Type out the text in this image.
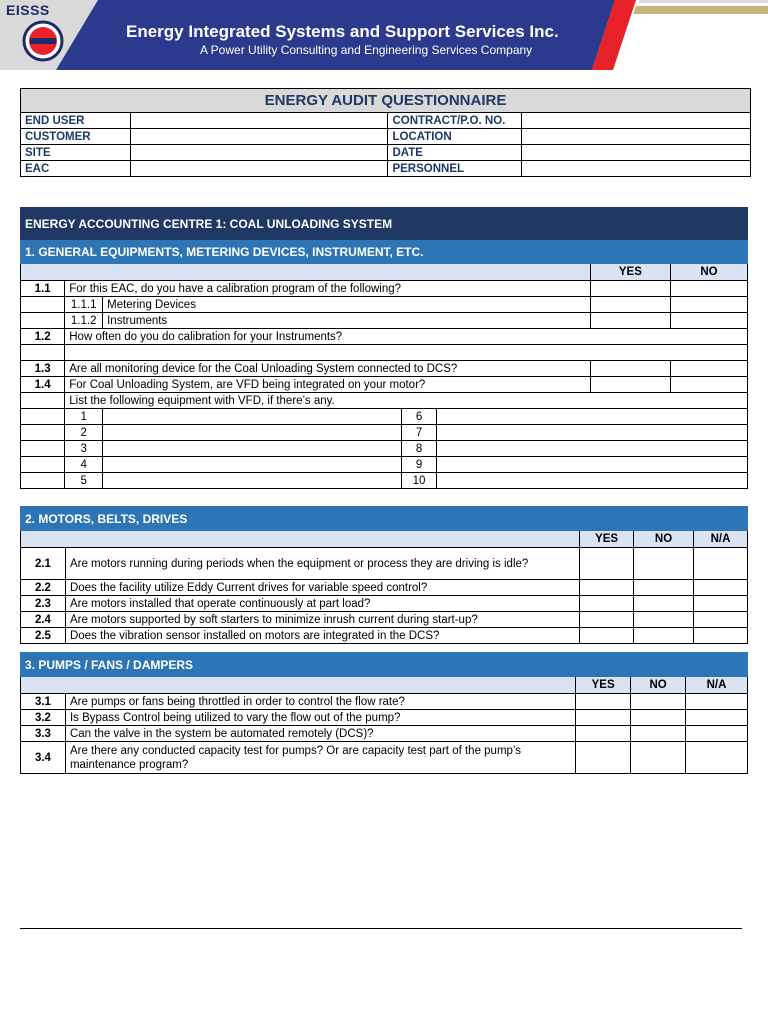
EISSS
Energy Integrated Systems and Support Services Inc.
A Power Utility Consulting and Engineering Services Company
ENERGY AUDIT QUESTIONNAIRE			
END USER		CONTRACT/P.O. NO.	
CUSTOMER		LOCATION	
SITE		DATE	
EAC		PERSONNEL	
ENERGY ACCOUNTING CENTRE 1: COAL UNLOADING SYSTEM						
1. GENERAL EQUIPMENTS, METERING DEVICES, INSTRUMENT, ETC.						
					YES	NO
1.1	For this EAC, do you have a calibration program of the following?					
	1.1.1	Metering Devices				
	1.1.2	Instruments				
1.2	How often do you do calibration for your Instruments?					

1.3	Are all monitoring device for the Coal Unloading System connected to DCS?					
1.4	For Coal Unloading System, are VFD being integrated on your motor?					
	List the following equipment with VFD, if there’s any.					
	1		6			
	2		7			
	3		8			
	4		9			
	5		10			
2. MOTORS, BELTS, DRIVES				
		YES	NO	N/A
2.1	Are motors running during periods when the equipment or process they are driving is idle?			
2.2	Does the facility utilize Eddy Current drives for variable speed control?			
2.3	Are motors installed that operate continuously at part load?			
2.4	Are motors supported by soft starters to minimize inrush current during start-up?			
2.5	Does the vibration sensor installed on motors are integrated in the DCS?			
3. PUMPS / FANS / DAMPERS				
		YES	NO	N/A
3.1	Are pumps or fans being throttled in order to control the flow rate?			
3.2	Is Bypass Control being utilized to vary the flow out of the pump?			
3.3	Can the valve in the system be automated remotely (DCS)?			
3.4	Are there any conducted capacity test for pumps? Or are capacity test part of the pump’s maintenance program?			
